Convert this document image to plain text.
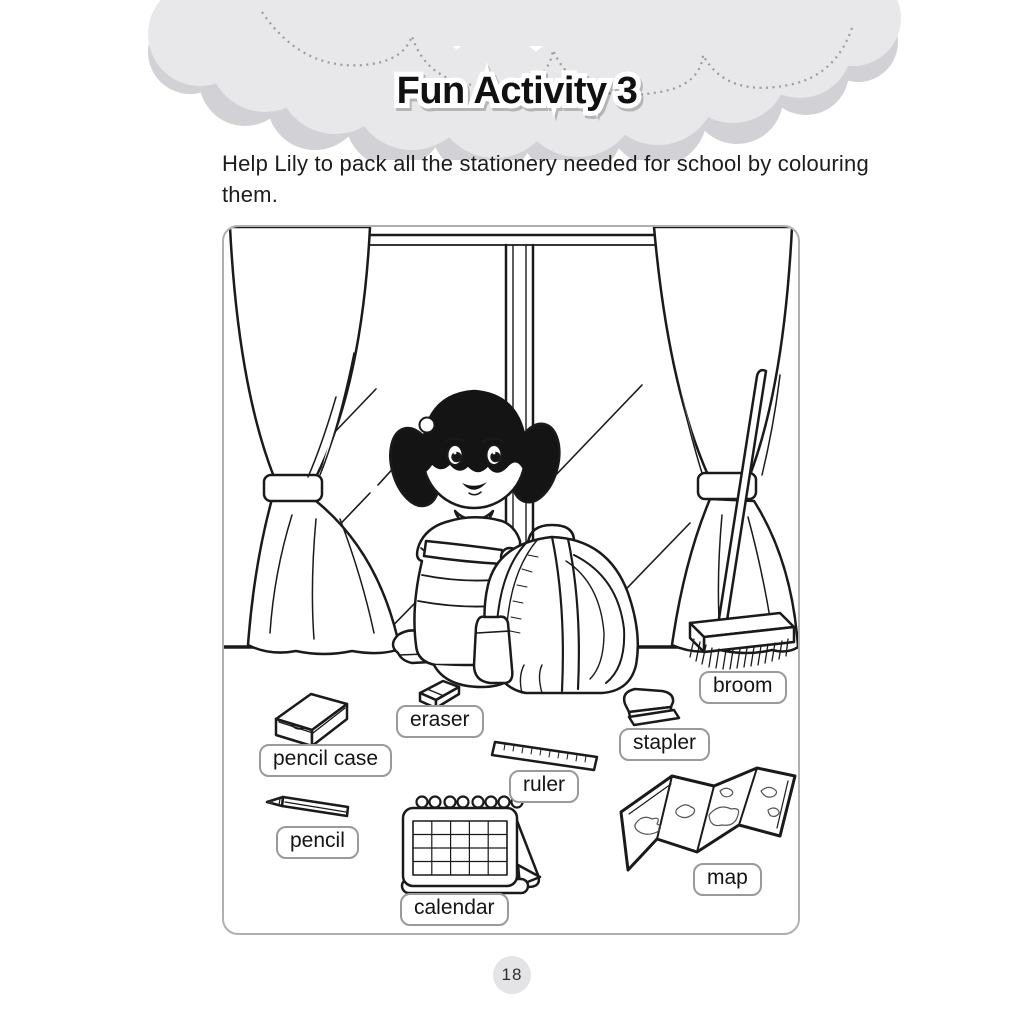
Fun Activity 3
Help Lily to pack all the stationery needed for school by colouring them.
broom
eraser
pencil case
stapler
ruler
pencil
map
calendar
18
